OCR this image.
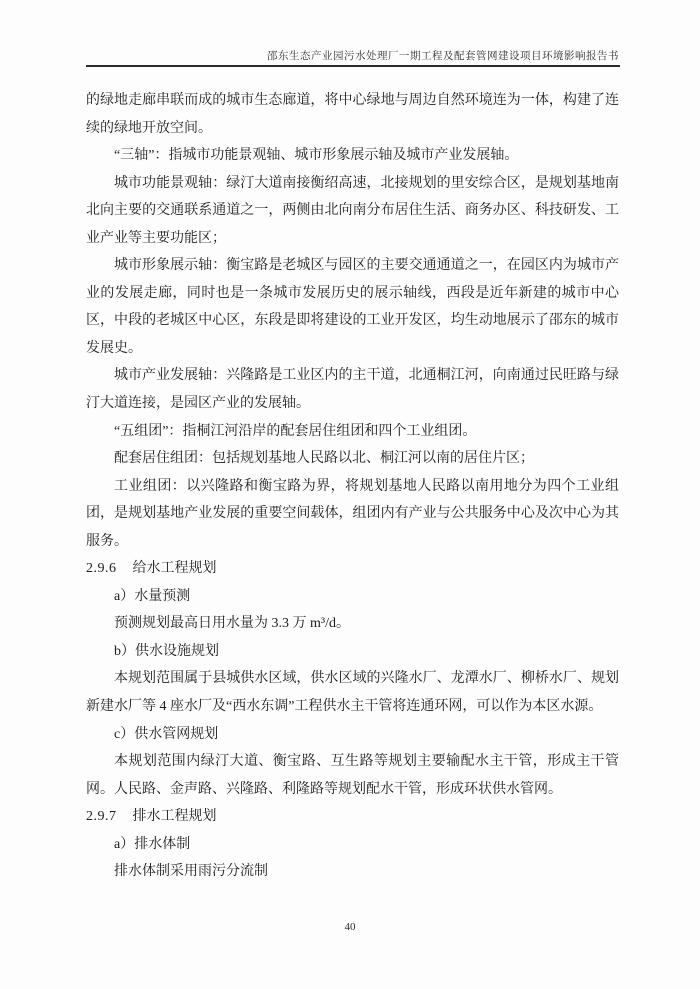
邵东生态产业园污水处理厂一期工程及配套管网建设项目环境影响报告书

的绿地走廊串联而成的城市生态廊道，将中心绿地与周边自然环境连为一体，构建了连续的绿地开放空间。

“三轴”：指城市功能景观轴、城市形象展示轴及城市产业发展轴。

城市功能景观轴：绿汀大道南接衡绍高速，北接规划的里安综合区，是规划基地南北向主要的交通联系通道之一，两侧由北向南分布居住生活、商务办区、科技研发、工业产业等主要功能区；

城市形象展示轴：衡宝路是老城区与园区的主要交通通道之一，在园区内为城市产业的发展走廊，同时也是一条城市发展历史的展示轴线，西段是近年新建的城市中心区，中段的老城区中心区，东段是即将建设的工业开发区，均生动地展示了邵东的城市发展史。

城市产业发展轴：兴隆路是工业区内的主干道，北通桐江河，向南通过民旺路与绿汀大道连接，是园区产业的发展轴。

“五组团”：指桐江河沿岸的配套居住组团和四个工业组团。

配套居住组团：包括规划基地人民路以北、桐江河以南的居住片区；

工业组团：以兴隆路和衡宝路为界，将规划基地人民路以南用地分为四个工业组团，是规划基地产业发展的重要空间载体，组团内有产业与公共服务中心及次中心为其服务。

2.9.6 给水工程规划

a）水量预测

预测规划最高日用水量为 3.3 万 m³/d。

b）供水设施规划

本规划范围属于县城供水区域，供水区域的兴隆水厂、龙潭水厂、柳桥水厂、规划新建水厂等 4 座水厂及“西水东调”工程供水主干管将连通环网，可以作为本区水源。

c）供水管网规划

本规划范围内绿汀大道、衡宝路、互生路等规划主要输配水主干管，形成主干管网。人民路、金声路、兴隆路、利隆路等规划配水干管，形成环状供水管网。

2.9.7 排水工程规划

a）排水体制

排水体制采用雨污分流制

40
